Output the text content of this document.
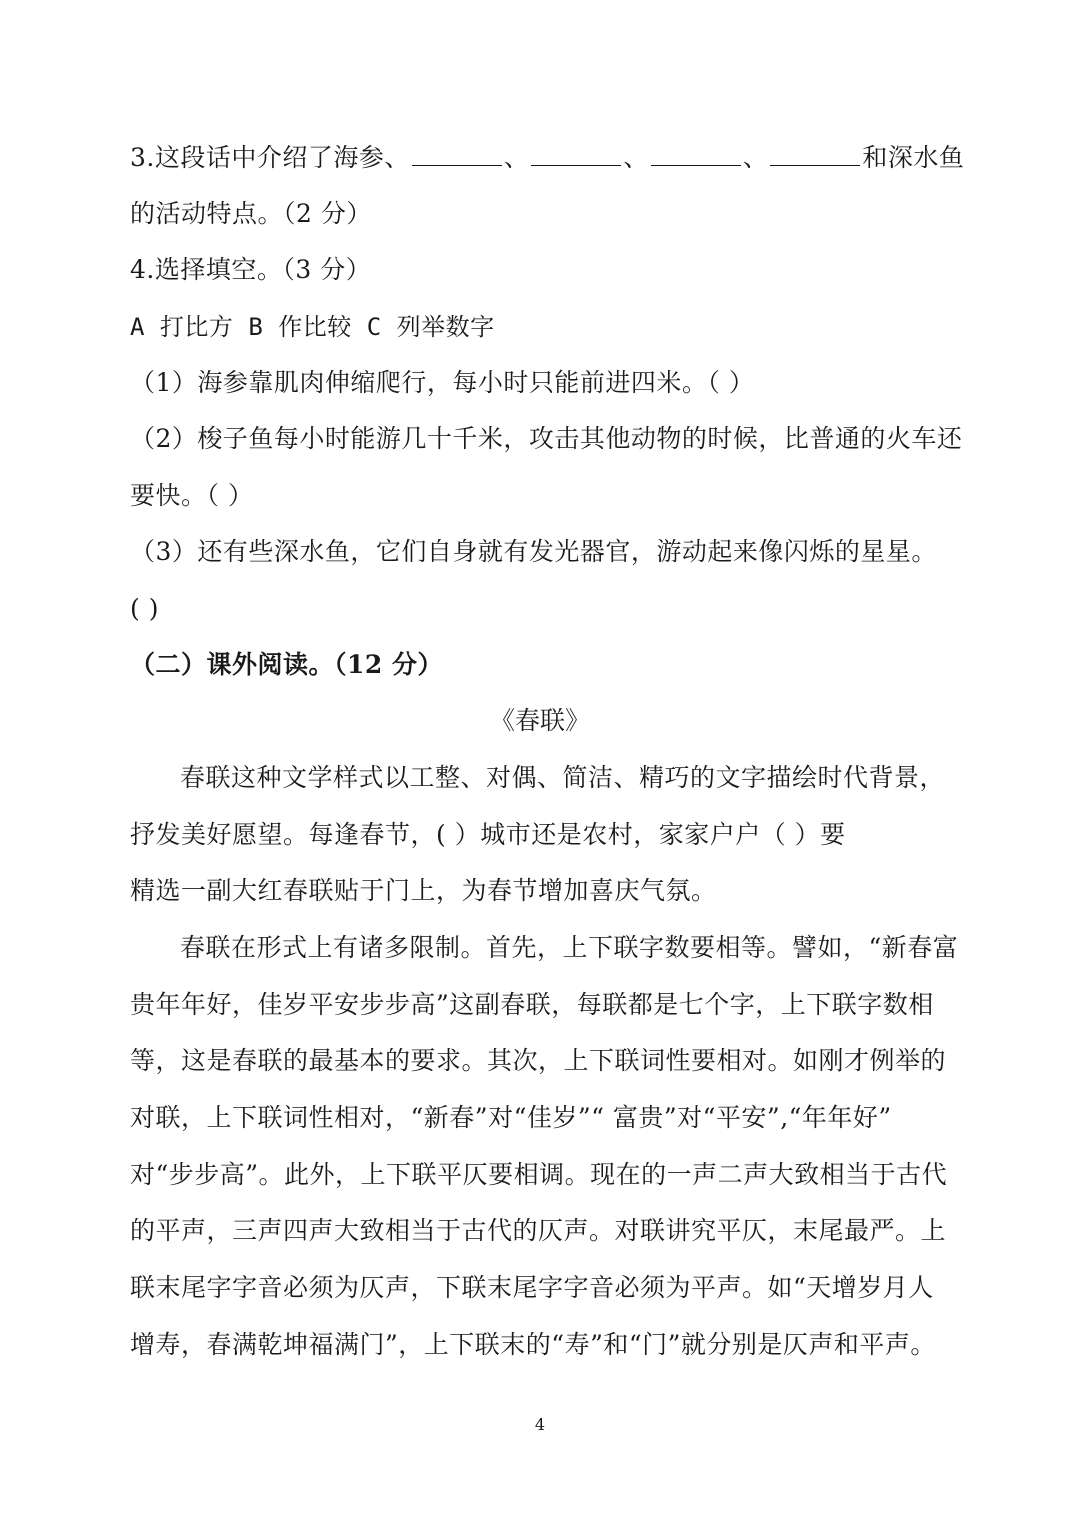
3.这段话中介绍了海参、	、	、	、	和深水鱼
的活动特点。（2 分）
4.选择填空。（3 分）
A 打比方 B 作比较 C 列举数字
（1）海参靠肌肉伸缩爬行，每小时只能前进四米。（ ）
（2）梭子鱼每小时能游几十千米，攻击其他动物的时候，比普通的火车还
要快。（ ）
（3）还有些深水鱼，它们自身就有发光器官，游动起来像闪烁的星星。
( )
（二）课外阅读。（12 分）
《春联》
春联这种文学样式以工整、对偶、简洁、精巧的文字描绘时代背景，
抒发美好愿望。每逢春节，( ）城市还是农村，家家户户（ ）要
精选一副大红春联贴于门上，为春节增加喜庆气氛。
春联在形式上有诸多限制。首先，上下联字数要相等。譬如，“新春富
贵年年好，佳岁平安步步高”这副春联，每联都是七个字，上下联字数相
等，这是春联的最基本的要求。其次，上下联词性要相对。如刚才例举的
对联，上下联词性相对，“新春”对“佳岁”“ 富贵”对“平安”,“年年好”
对“步步高”。此外，上下联平仄要相调。现在的一声二声大致相当于古代
的平声，三声四声大致相当于古代的仄声。对联讲究平仄，末尾最严。上
联末尾字字音必须为仄声，下联末尾字字音必须为平声。如“天增岁月人
增寿，春满乾坤福满门”，上下联末的“寿”和“门”就分别是仄声和平声。
4
